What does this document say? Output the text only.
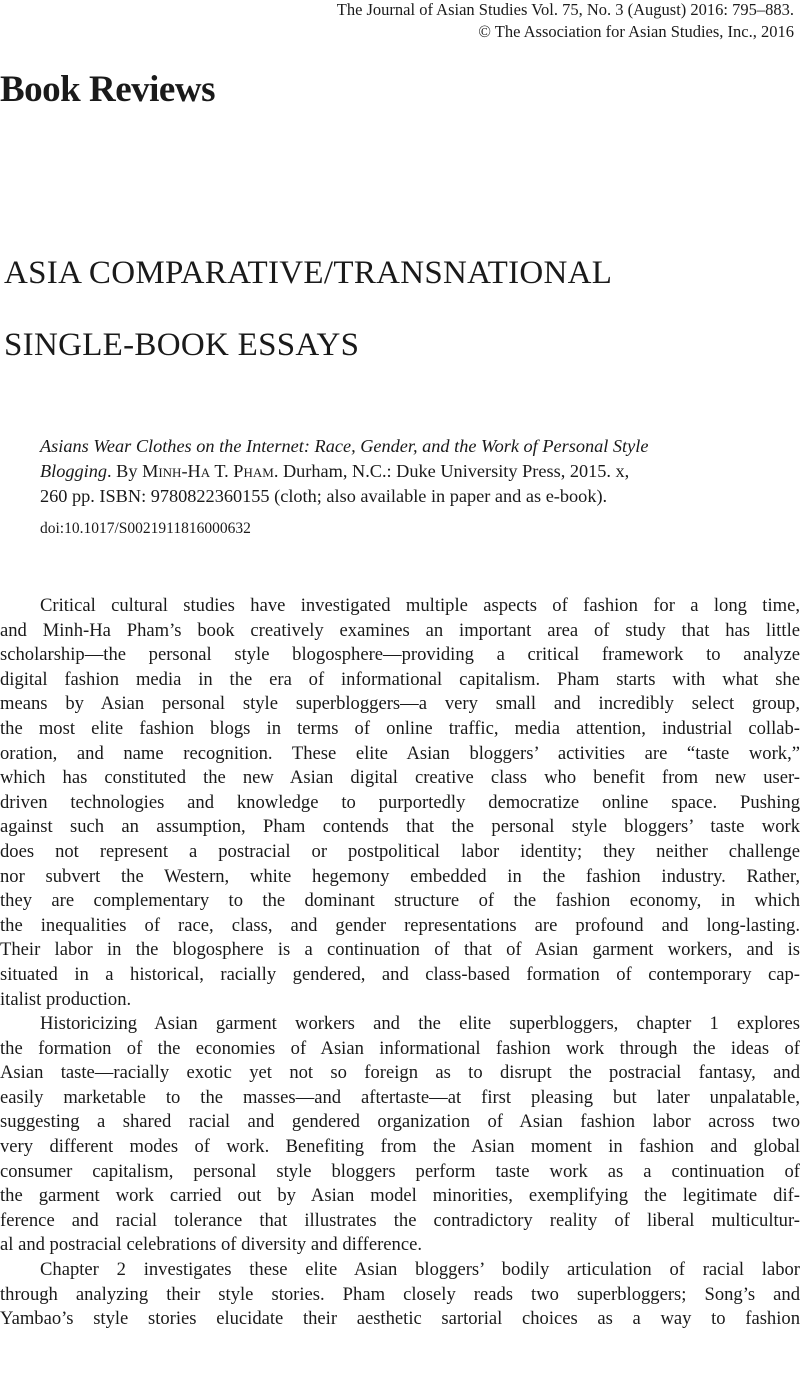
The Journal of Asian Studies Vol. 75, No. 3 (August) 2016: 795–883.
© The Association for Asian Studies, Inc., 2016
Book Reviews
ASIA COMPARATIVE/TRANSNATIONAL
SINGLE-BOOK ESSAYS
Asians Wear Clothes on the Internet: Race, Gender, and the Work of Personal Style
Blogging. By Minh-Ha T. Pham. Durham, N.C.: Duke University Press, 2015. x,
260 pp. ISBN: 9780822360155 (cloth; also available in paper and as e-book).
doi:10.1017/S0021911816000632
Critical cultural studies have investigated multiple aspects of fashion for a long time,
and Minh-Ha Pham’s book creatively examines an important area of study that has little
scholarship—the personal style blogosphere—providing a critical framework to analyze
digital fashion media in the era of informational capitalism. Pham starts with what she
means by Asian personal style superbloggers—a very small and incredibly select group,
the most elite fashion blogs in terms of online traffic, media attention, industrial collab-
oration, and name recognition. These elite Asian bloggers’ activities are “taste work,”
which has constituted the new Asian digital creative class who benefit from new user-
driven technologies and knowledge to purportedly democratize online space. Pushing
against such an assumption, Pham contends that the personal style bloggers’ taste work
does not represent a postracial or postpolitical labor identity; they neither challenge
nor subvert the Western, white hegemony embedded in the fashion industry. Rather,
they are complementary to the dominant structure of the fashion economy, in which
the inequalities of race, class, and gender representations are profound and long-lasting.
Their labor in the blogosphere is a continuation of that of Asian garment workers, and is
situated in a historical, racially gendered, and class-based formation of contemporary cap-
italist production.
Historicizing Asian garment workers and the elite superbloggers, chapter 1 explores
the formation of the economies of Asian informational fashion work through the ideas of
Asian taste—racially exotic yet not so foreign as to disrupt the postracial fantasy, and
easily marketable to the masses—and aftertaste—at first pleasing but later unpalatable,
suggesting a shared racial and gendered organization of Asian fashion labor across two
very different modes of work. Benefiting from the Asian moment in fashion and global
consumer capitalism, personal style bloggers perform taste work as a continuation of
the garment work carried out by Asian model minorities, exemplifying the legitimate dif-
ference and racial tolerance that illustrates the contradictory reality of liberal multicultur-
al and postracial celebrations of diversity and difference.
Chapter 2 investigates these elite Asian bloggers’ bodily articulation of racial labor
through analyzing their style stories. Pham closely reads two superbloggers; Song’s and
Yambao’s style stories elucidate their aesthetic sartorial choices as a way to fashion
